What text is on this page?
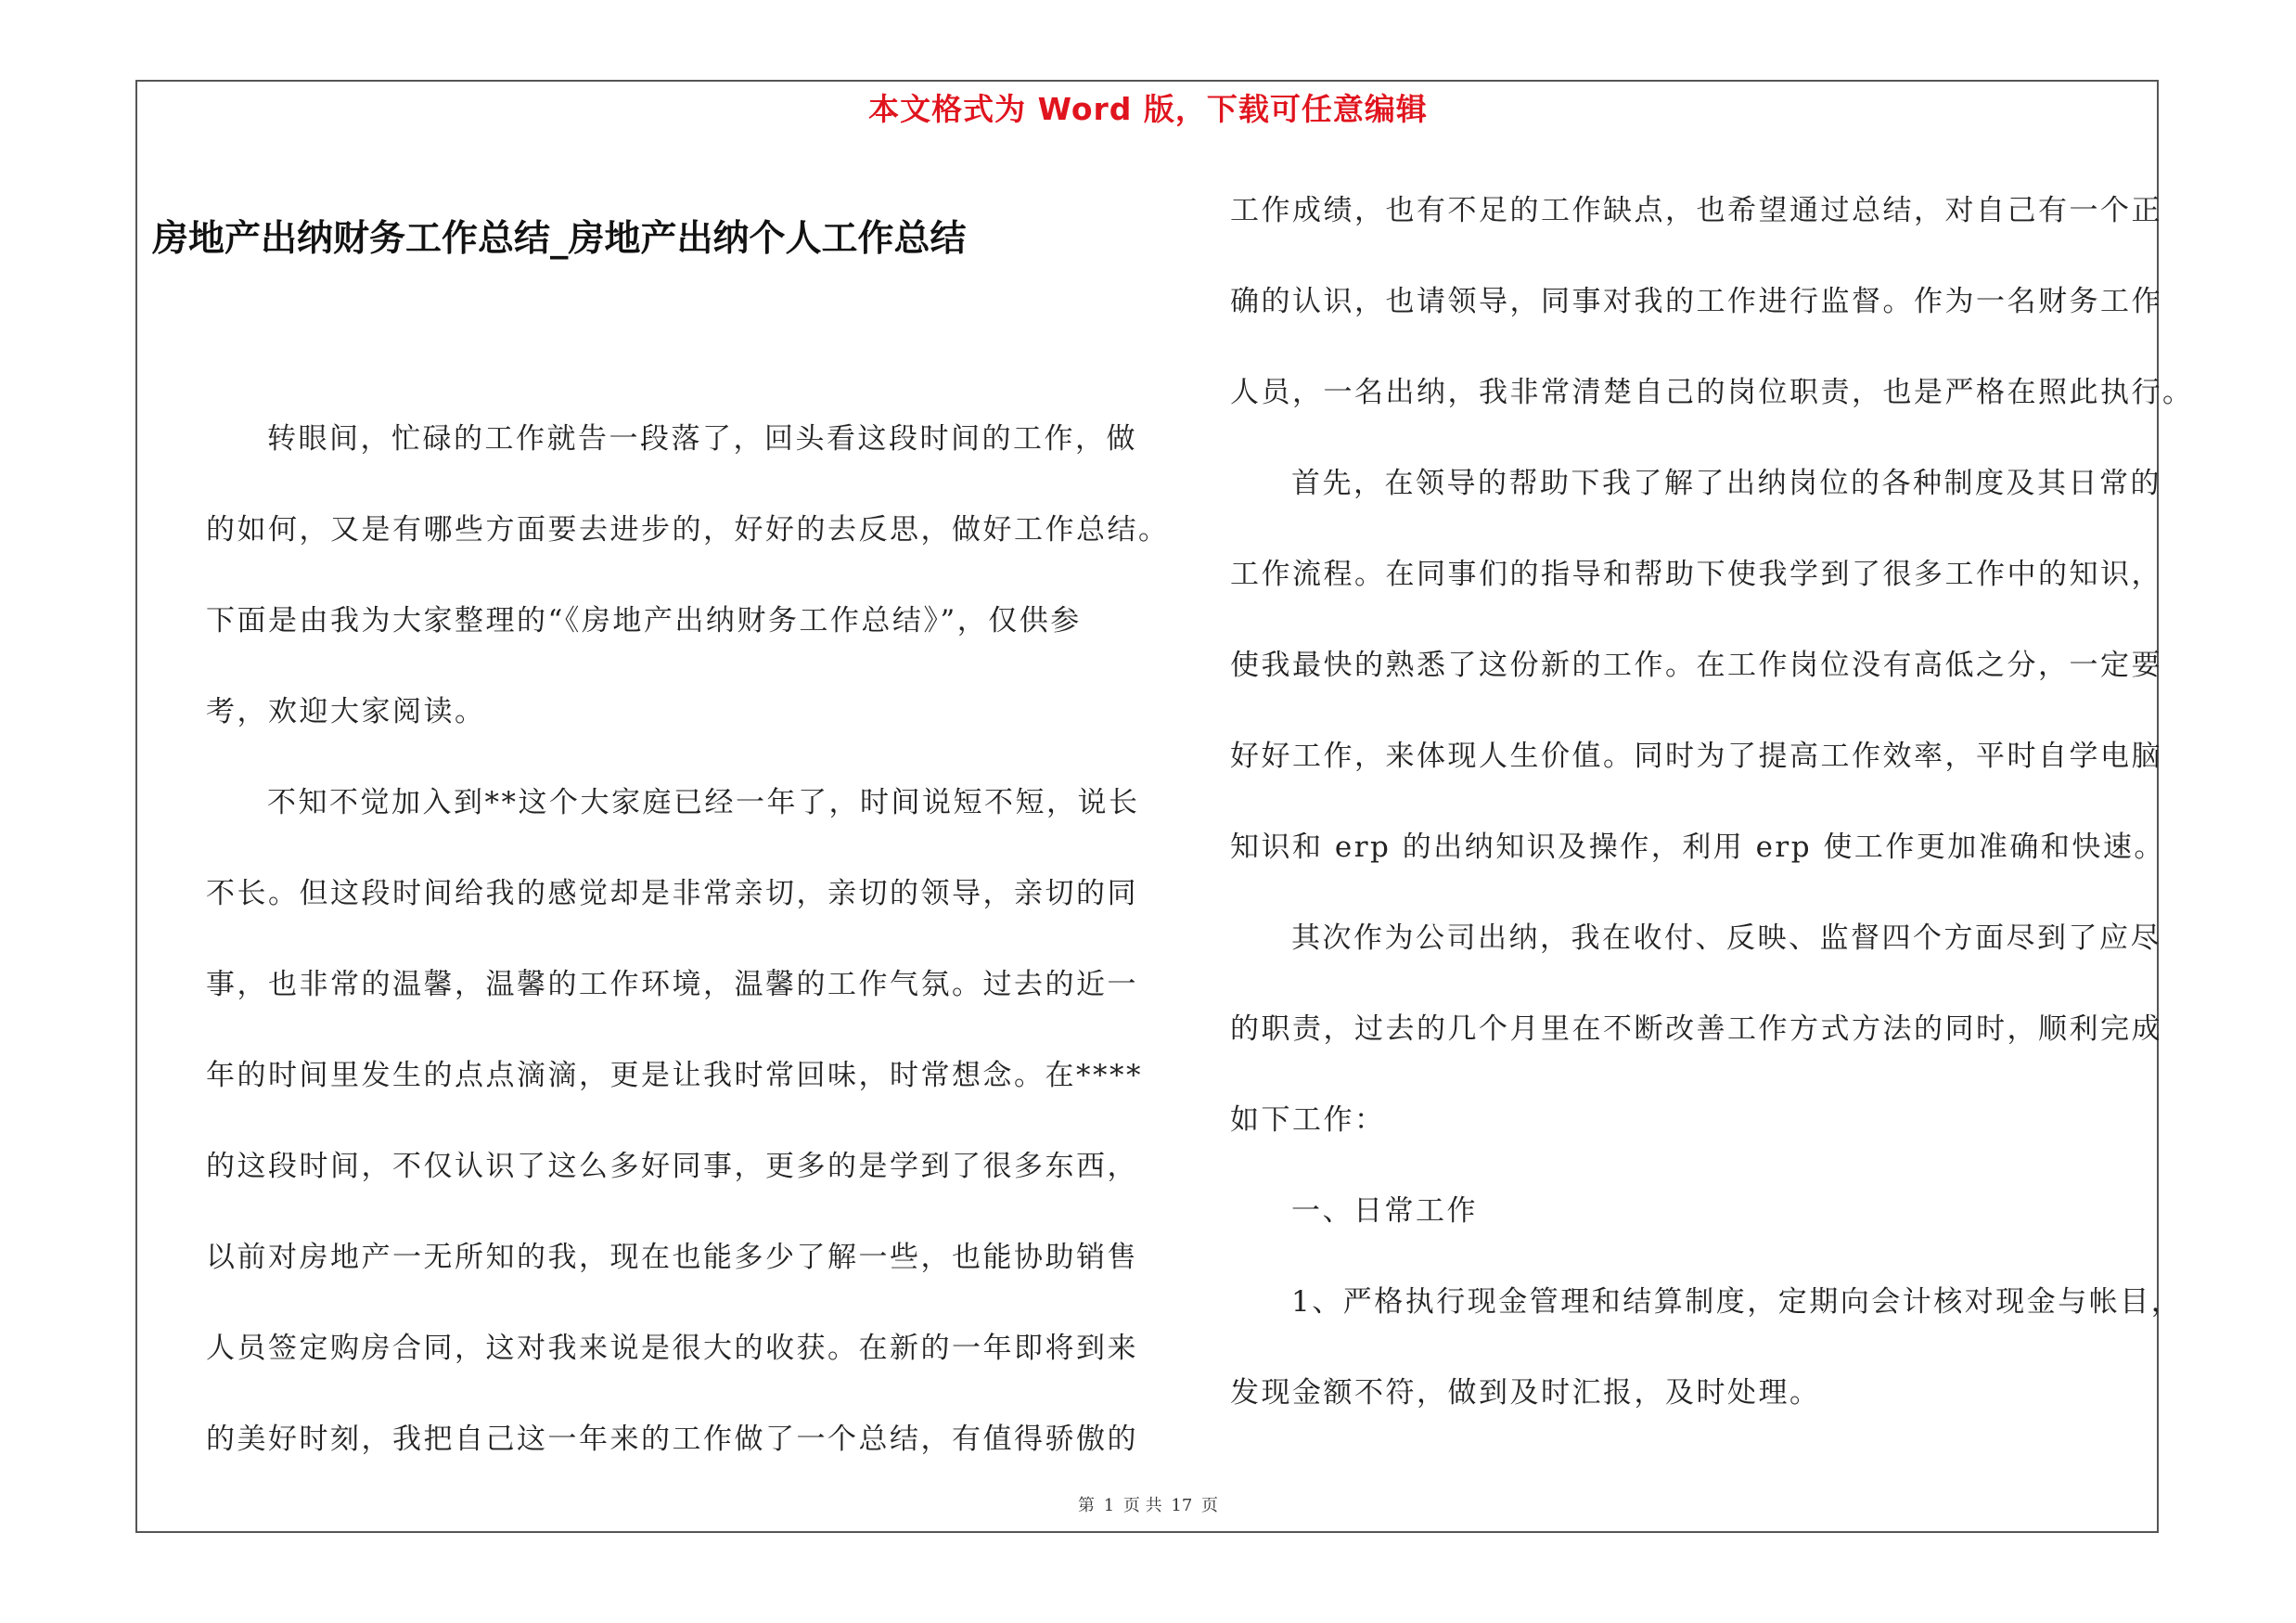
本文格式为 Word 版，下载可任意编辑
房地产出纳财务工作总结_房地产出纳个人工作总结
转眼间，忙碌的工作就告一段落了，回头看这段时间的工作，做
的如何，又是有哪些方面要去进步的，好好的去反思，做好工作总结。
下面是由我为大家整理的“《房地产出纳财务工作总结》”，仅供参
考，欢迎大家阅读。
不知不觉加入到**这个大家庭已经一年了，时间说短不短，说长
不长。但这段时间给我的感觉却是非常亲切，亲切的领导，亲切的同
事，也非常的温馨，温馨的工作环境，温馨的工作气氛。过去的近一
年的时间里发生的点点滴滴，更是让我时常回味，时常想念。在****
的这段时间，不仅认识了这么多好同事，更多的是学到了很多东西，
以前对房地产一无所知的我，现在也能多少了解一些，也能协助销售
人员签定购房合同，这对我来说是很大的收获。在新的一年即将到来
的美好时刻，我把自己这一年来的工作做了一个总结，有值得骄傲的
工作成绩，也有不足的工作缺点，也希望通过总结，对自己有一个正
确的认识，也请领导，同事对我的工作进行监督。作为一名财务工作
人员，一名出纳，我非常清楚自己的岗位职责，也是严格在照此执行。
首先，在领导的帮助下我了解了出纳岗位的各种制度及其日常的
工作流程。在同事们的指导和帮助下使我学到了很多工作中的知识，
使我最快的熟悉了这份新的工作。在工作岗位没有高低之分，一定要
好好工作，来体现人生价值。同时为了提高工作效率，平时自学电脑
知识和 erp 的出纳知识及操作，利用 erp 使工作更加准确和快速。
其次作为公司出纳，我在收付、反映、监督四个方面尽到了应尽
的职责，过去的几个月里在不断改善工作方式方法的同时，顺利完成
如下工作：
一、日常工作
1、严格执行现金管理和结算制度，定期向会计核对现金与帐目，
发现金额不符，做到及时汇报，及时处理。
第 1 页 共 17 页
